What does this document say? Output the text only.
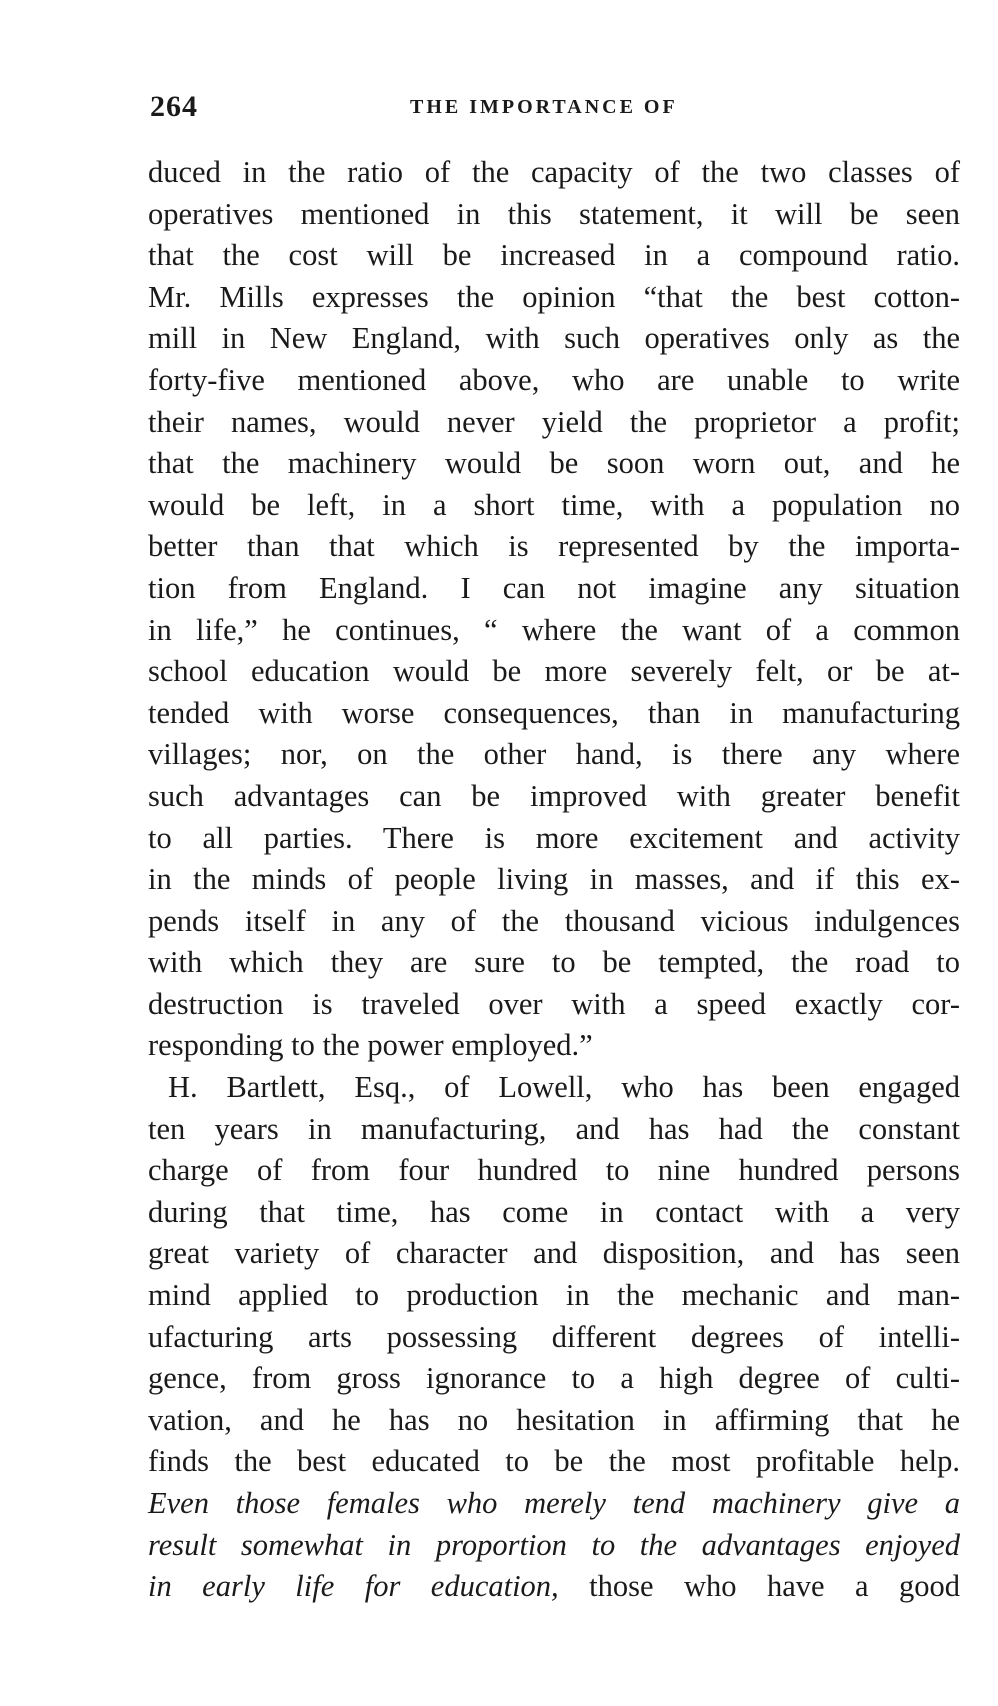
264	THE IMPORTANCE OF
duced in the ratio of the capacity of the two classes of
operatives mentioned in this statement, it will be seen
that the cost will be increased in a compound ratio.
Mr. Mills expresses the opinion “that the best cotton-
mill in New England, with such operatives only as the
forty-five mentioned above, who are unable to write
their names, would never yield the proprietor a profit;
that the machinery would be soon worn out, and he
would be left, in a short time, with a population no
better than that which is represented by the importa-
tion from England. I can not imagine any situation
in life,” he continues, “ where the want of a common
school education would be more severely felt, or be at-
tended with worse consequences, than in manufacturing
villages; nor, on the other hand, is there any where
such advantages can be improved with greater benefit
to all parties. There is more excitement and activity
in the minds of people living in masses, and if this ex-
pends itself in any of the thousand vicious indulgences
with which they are sure to be tempted, the road to
destruction is traveled over with a speed exactly cor-
responding to the power employed.”
H. Bartlett, Esq., of Lowell, who has been engaged
ten years in manufacturing, and has had the constant
charge of from four hundred to nine hundred persons
during that time, has come in contact with a very
great variety of character and disposition, and has seen
mind applied to production in the mechanic and man-
ufacturing arts possessing different degrees of intelli-
gence, from gross ignorance to a high degree of culti-
vation, and he has no hesitation in affirming that he
finds the best educated to be the most profitable help.
Even those females who merely tend machinery give a
result somewhat in proportion to the advantages enjoyed
in early life for education, those who have a good
